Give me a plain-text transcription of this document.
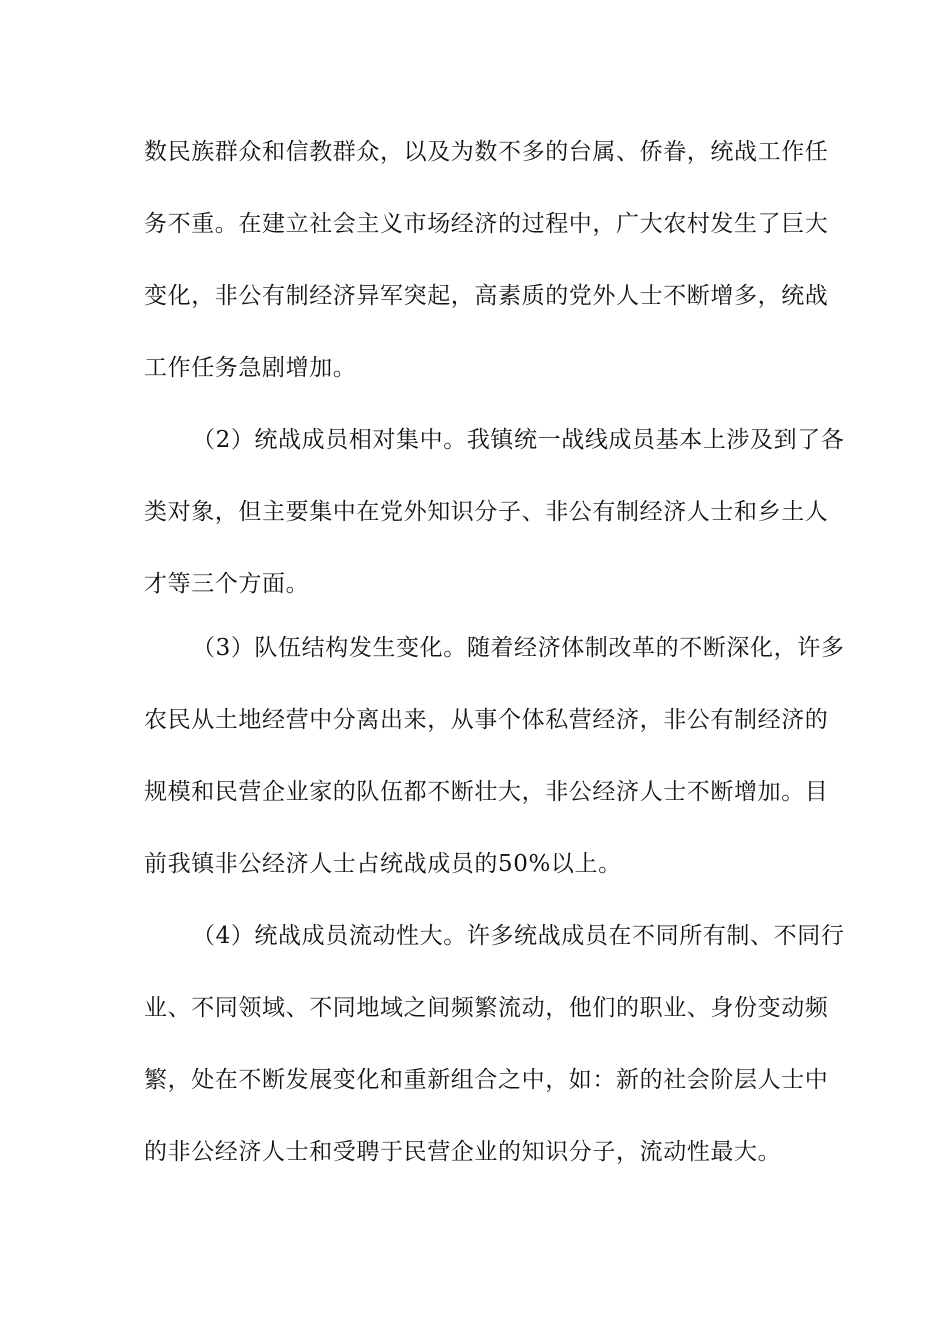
数民族群众和信教群众，以及为数不多的台属、侨眷，统战工作任
务不重。在建立社会主义市场经济的过程中，广大农村发生了巨大
变化，非公有制经济异军突起，高素质的党外人士不断增多，统战
工作任务急剧增加。
（2）统战成员相对集中。我镇统一战线成员基本上涉及到了各
类对象，但主要集中在党外知识分子、非公有制经济人士和乡土人
才等三个方面。
（3）队伍结构发生变化。随着经济体制改革的不断深化，许多
农民从土地经营中分离出来，从事个体私营经济，非公有制经济的
规模和民营企业家的队伍都不断壮大，非公经济人士不断增加。目
前我镇非公经济人士占统战成员的50%以上。
（4）统战成员流动性大。许多统战成员在不同所有制、不同行
业、不同领域、不同地域之间频繁流动，他们的职业、身份变动频
繁，处在不断发展变化和重新组合之中，如：新的社会阶层人士中
的非公经济人士和受聘于民营企业的知识分子，流动性最大。
